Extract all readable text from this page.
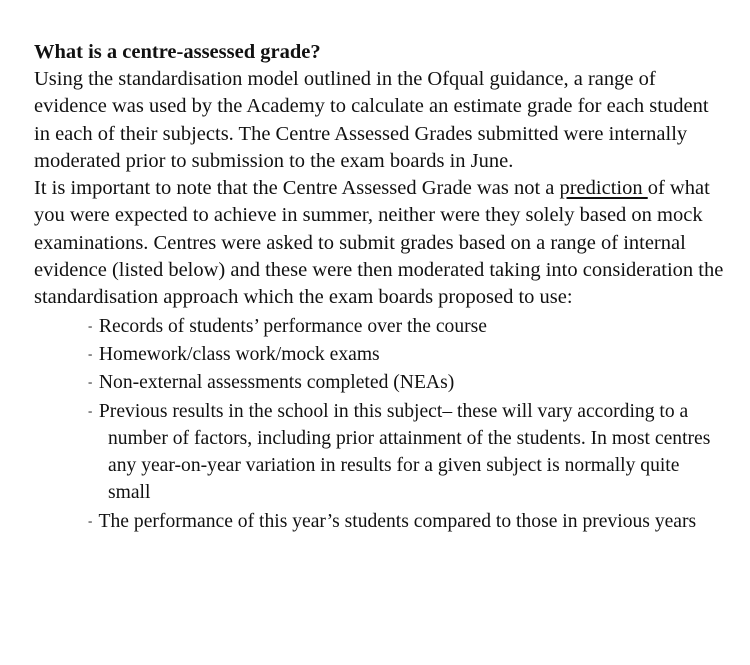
What is a centre-assessed grade?

Using the standardisation model outlined in the Ofqual guidance, a range of evidence was used by the Academy to calculate an estimate grade for each student in each of their subjects. The Centre Assessed Grades submitted were internally moderated prior to submission to the exam boards in June.

It is important to note that the Centre Assessed Grade was not a prediction of what you were expected to achieve in summer, neither were they solely based on mock examinations. Centres were asked to submit grades based on a range of internal evidence (listed below) and these were then moderated taking into consideration the standardisation approach which the exam boards proposed to use:

- Records of students’ performance over the course
- Homework/class work/mock exams
- Non-external assessments completed (NEAs)
- Previous results in the school in this subject– these will vary according to a number of factors, including prior attainment of the students. In most centres any year-on-year variation in results for a given subject is normally quite small
- The performance of this year’s students compared to those in previous years
